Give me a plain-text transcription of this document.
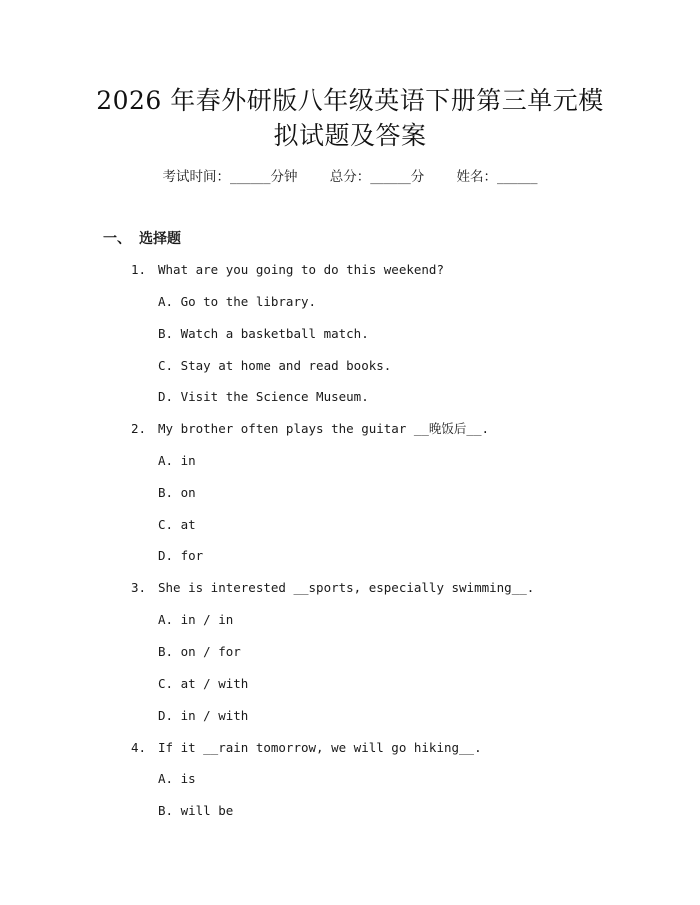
2026 年春外研版八年级英语下册第三单元模
拟试题及答案
考试时间：______分钟 总分：______分 姓名：______
一、 选择题
1. What are you going to do this weekend?
A. Go to the library.
B. Watch a basketball match.
C. Stay at home and read books.
D. Visit the Science Museum.
2. My brother often plays the guitar __晚饭后__.
A. in
B. on
C. at
D. for
3. She is interested __sports, especially swimming__.
A. in / in
B. on / for
C. at / with
D. in / with
4. If it __rain tomorrow, we will go hiking__.
A. is
B. will be
